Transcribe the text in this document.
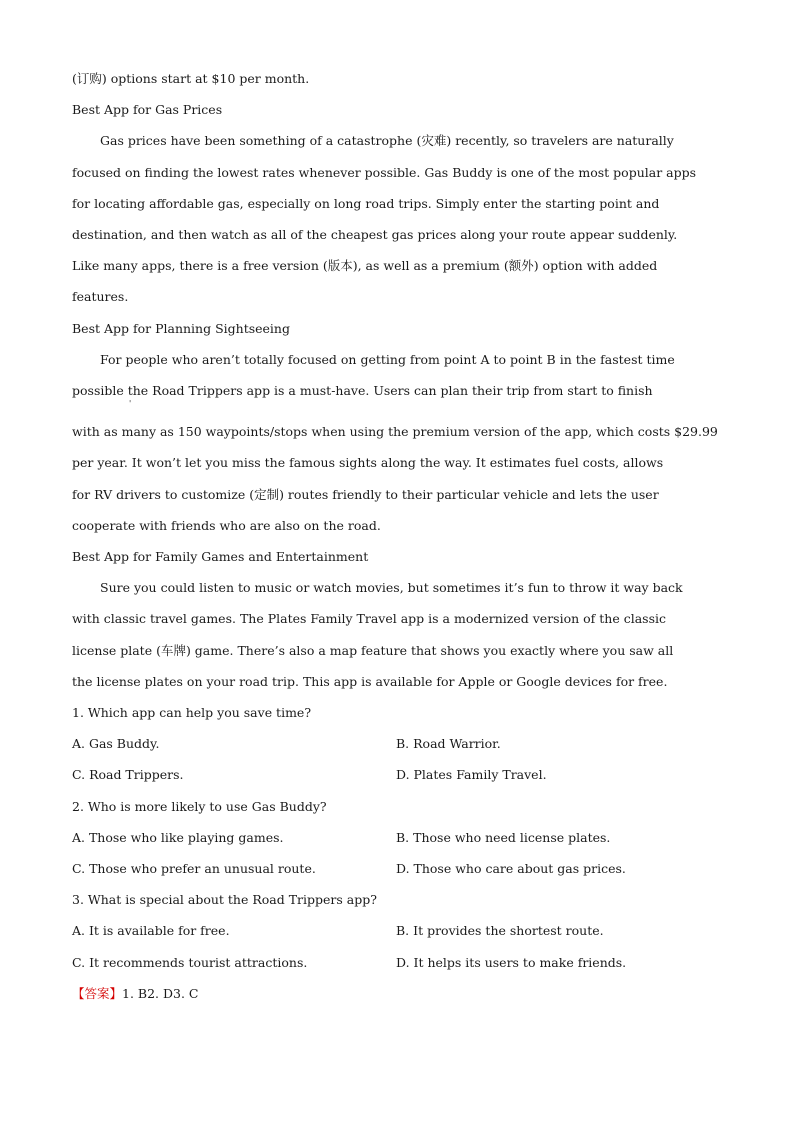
(订购) options start at $10 per month.
Best App for Gas Prices
Gas prices have been something of a catastrophe (灾难) recently, so travelers are naturally
focused on finding the lowest rates whenever possible. Gas Buddy is one of the most popular apps
for locating affordable gas, especially on long road trips. Simply enter the starting point and
destination, and then watch as all of the cheapest gas prices along your route appear suddenly.
Like many apps, there is a free version (版本), as well as a premium (额外) option with added
features.
Best App for Planning Sightseeing
For people who aren’t totally focused on getting from point A to point B in the fastest time
possible the Road Trippers app is a must-have. Users can plan their trip from start to finish
with as many as 150 waypoints/stops when using the premium version of the app, which costs $29.99
per year. It won’t let you miss the famous sights along the way. It estimates fuel costs, allows
for RV drivers to customize (定制) routes friendly to their particular vehicle and lets the user
cooperate with friends who are also on the road.
Best App for Family Games and Entertainment
Sure you could listen to music or watch movies, but sometimes it’s fun to throw it way back
with classic travel games. The Plates Family Travel app is a modernized version of the classic
license plate (车牌) game. There’s also a map feature that shows you exactly where you saw all
the license plates on your road trip. This app is available for Apple or Google devices for free.
1. Which app can help you save time?
A. Gas Buddy.	B. Road Warrior.
C. Road Trippers.	D. Plates Family Travel.
2. Who is more likely to use Gas Buddy?
A. Those who like playing games.	B. Those who need license plates.
C. Those who prefer an unusual route.	D. Those who care about gas prices.
3. What is special about the Road Trippers app?
A. It is available for free.	B. It provides the shortest route.
C. It recommends tourist attractions.	D. It helps its users to make friends.
【答案】1. B2. D3. C
'
